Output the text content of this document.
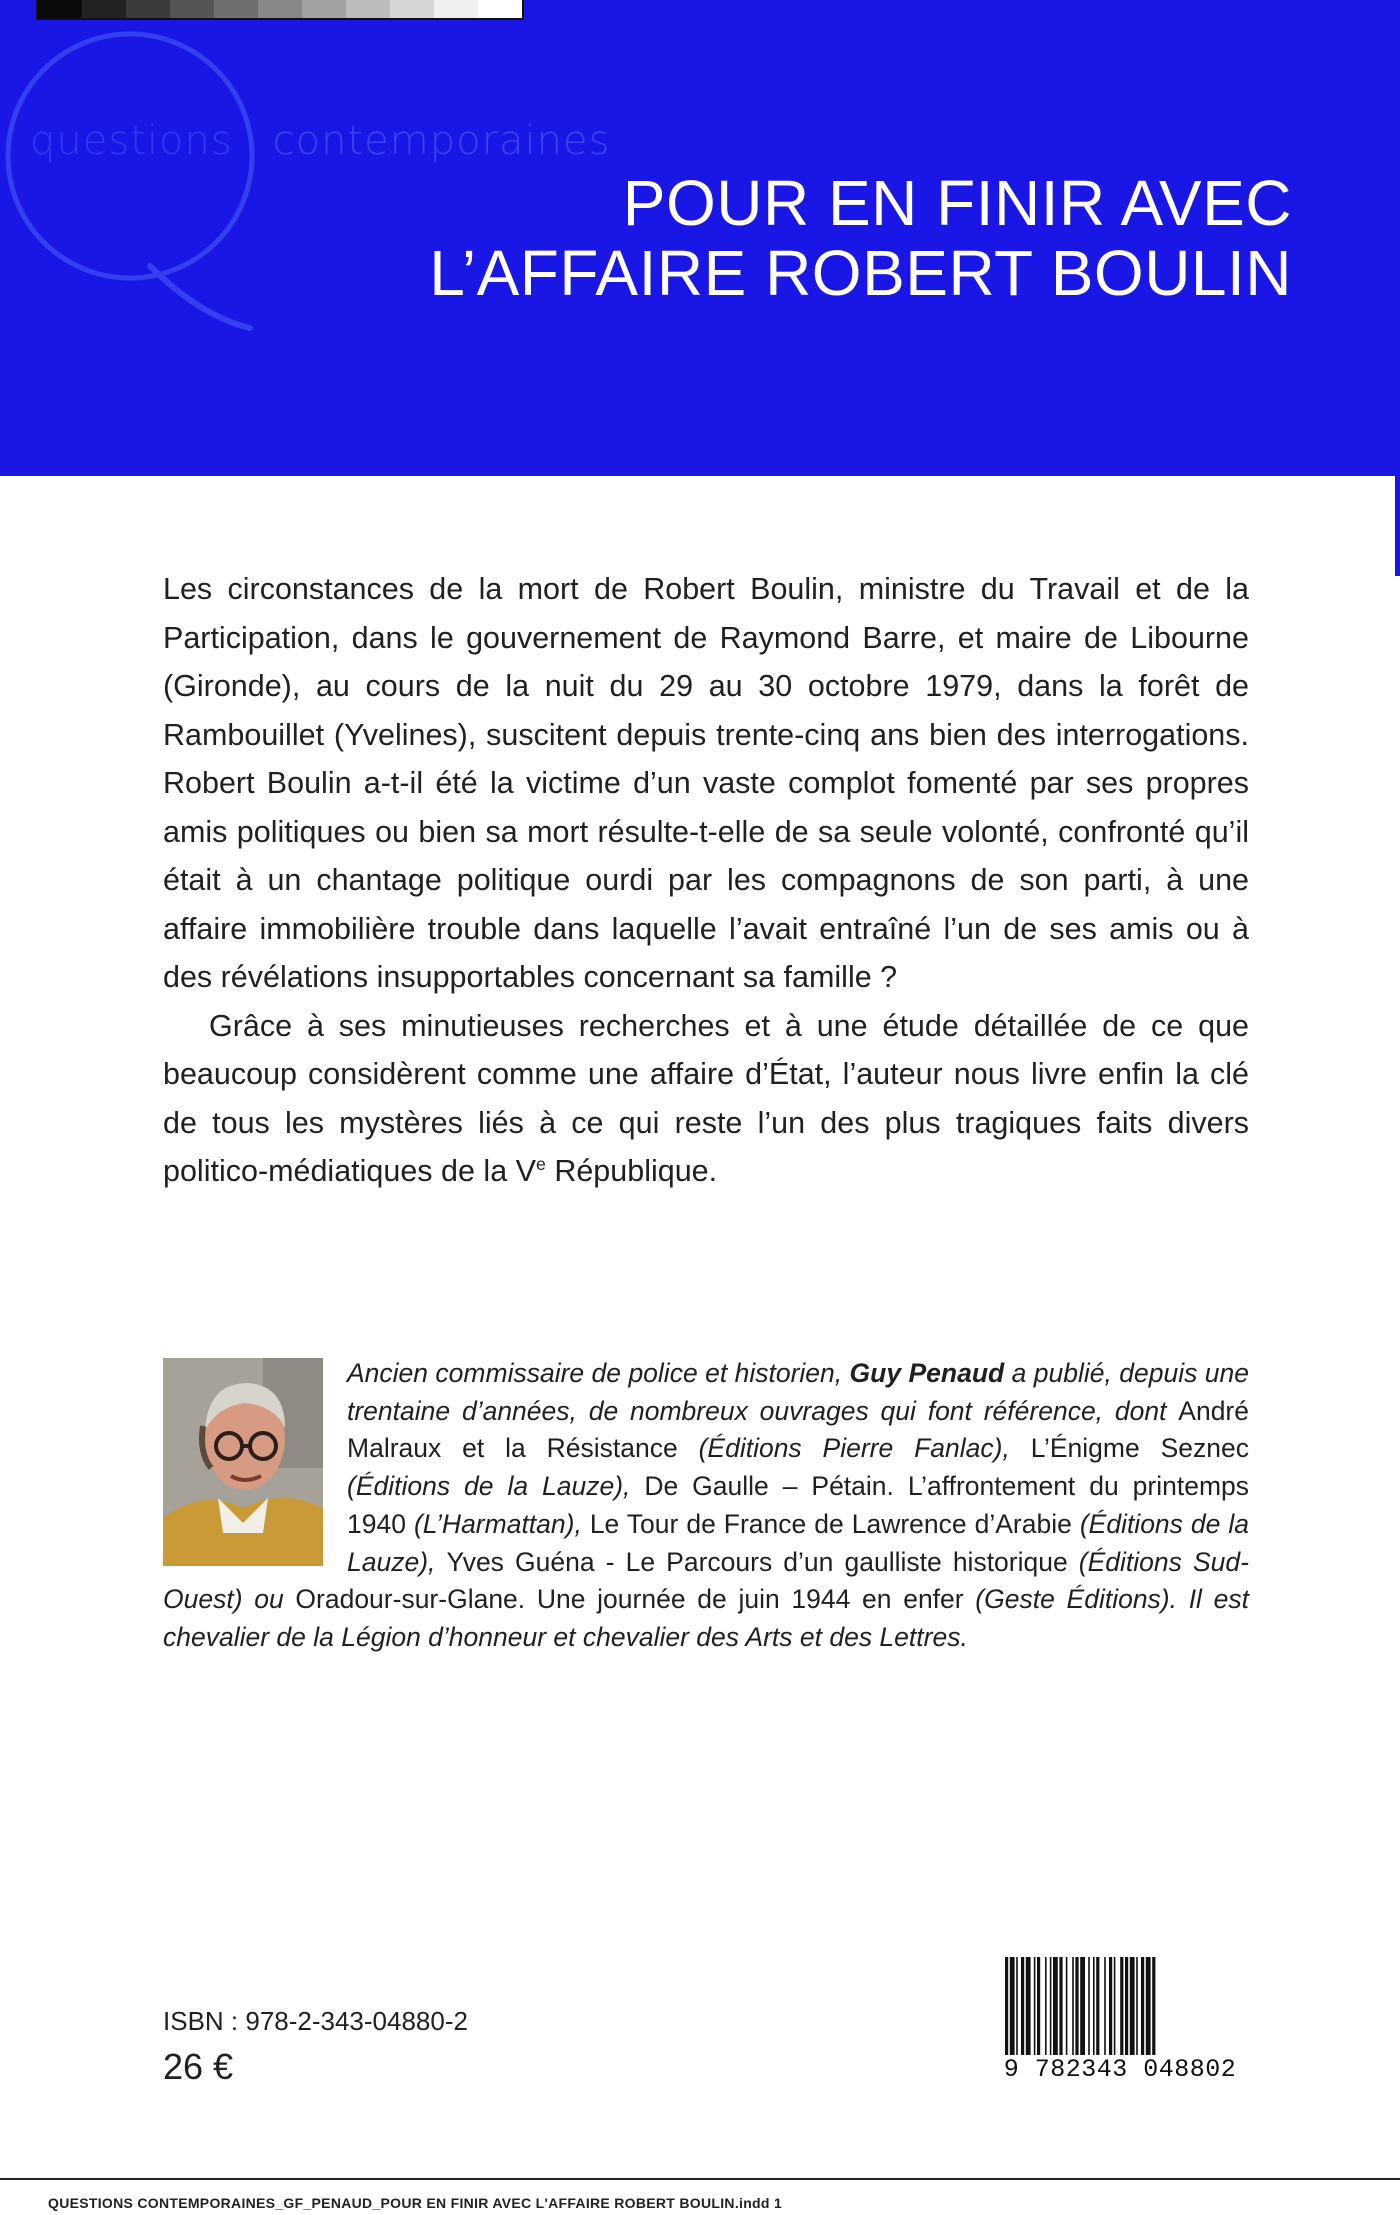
questions contemporaines
POUR EN FINIR AVEC
L’AFFAIRE ROBERT BOULIN

Les circonstances de la mort de Robert Boulin, ministre du Travail et de la Participation, dans le gouvernement de Raymond Barre, et maire de Libourne (Gironde), au cours de la nuit du 29 au 30 octobre 1979, dans la forêt de Rambouillet (Yvelines), suscitent depuis trente-cinq ans bien des interrogations. Robert Boulin a-t-il été la victime d’un vaste complot fomenté par ses propres amis politiques ou bien sa mort résulte-t-elle de sa seule volonté, confronté qu’il était à un chantage politique ourdi par les compagnons de son parti, à une affaire immobilière trouble dans laquelle l’avait entraîné l’un de ses amis ou à des révélations insupportables concernant sa famille ?

Grâce à ses minutieuses recherches et à une étude détaillée de ce que beaucoup considèrent comme une affaire d’État, l’auteur nous livre enfin la clé de tous les mystères liés à ce qui reste l’un des plus tragiques faits divers politico-médiatiques de la Ve République.

Ancien commissaire de police et historien, Guy Penaud a publié, depuis une trentaine d’années, de nombreux ouvrages qui font référence, dont André Malraux et la Résistance (Éditions Pierre Fanlac), L’Énigme Seznec (Éditions de la Lauze), De Gaulle – Pétain. L’affrontement du printemps 1940 (L’Harmattan), Le Tour de France de Lawrence d’Arabie (Éditions de la Lauze), Yves Guéna - Le Parcours d’un gaulliste historique (Éditions Sud-Ouest) ou Oradour-sur-Glane. Une journée de juin 1944 en enfer (Geste Éditions). Il est chevalier de la Légion d’honneur et chevalier des Arts et des Lettres.
ISBN : 978-2-343-04880-2
26 €	9 782343 048802
QUESTIONS CONTEMPORAINES_GF_PENAUD_POUR EN FINIR AVEC L'AFFAIRE ROBERT BOULIN.indd 1
